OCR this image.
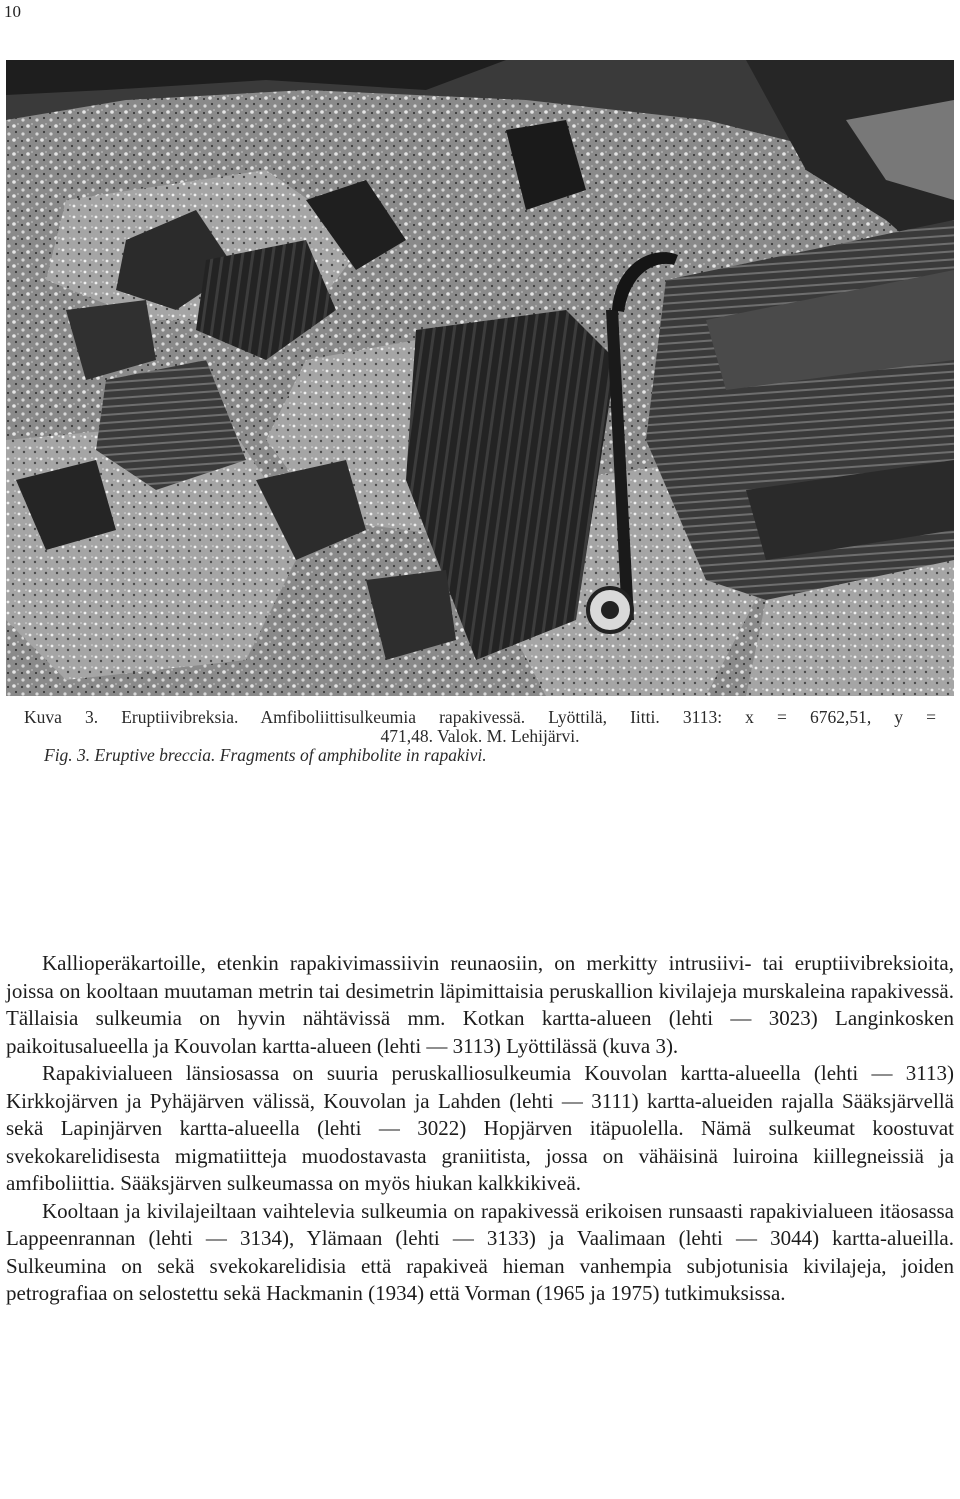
10
Kuva 3. Eruptiivibreksia. Amfiboliittisulkeumia rapakivessä. Lyöttilä, Iitti. 3113: x = 6762,51, y =
471,48. Valok. M. Lehijärvi.
Fig. 3. Eruptive breccia. Fragments of amphibolite in rapakivi.

Kallioperäkartoille, etenkin rapakivimassiivin reunaosiin, on merkitty intrusiivi- tai eruptiivibreksioita, joissa on kooltaan muutaman metrin tai desimetrin läpimittaisia peruskallion kivilajeja murskaleina rapakivessä. Tällaisia sulkeumia on hyvin nähtävissä mm. Kotkan kartta-alueen (lehti — 3023) Langinkosken paikoitusalueella ja Kouvolan kartta-alueen (lehti — 3113) Lyöttilässä (kuva 3).

Rapakivialueen länsiosassa on suuria peruskalliosulkeumia Kouvolan kartta-alueella (lehti — 3113) Kirkkojärven ja Pyhäjärven välissä, Kouvolan ja Lahden (lehti — 3111) kartta-alueiden rajalla Sääksjärvellä sekä Lapinjärven kartta-alueella (lehti — 3022) Hopjärven itäpuolella. Nämä sulkeumat koostuvat svekokarelidisesta migmatiitteja muodostavasta graniitista, jossa on vähäisinä luiroina kiillegneissiä ja amfiboliittia. Sääksjärven sulkeumassa on myös hiukan kalkkikiveä.

Kooltaan ja kivilajeiltaan vaihtelevia sulkeumia on rapakivessä erikoisen runsaasti rapakivialueen itäosassa Lappeenrannan (lehti — 3134), Ylämaan (lehti — 3133) ja Vaalimaan (lehti — 3044) kartta-alueilla. Sulkeumina on sekä svekokarelidisia että rapakiveä hieman vanhempia subjotunisia kivilajeja, joiden petrografiaa on selostettu sekä Hackmanin (1934) että Vorman (1965 ja 1975) tutkimuksissa.
